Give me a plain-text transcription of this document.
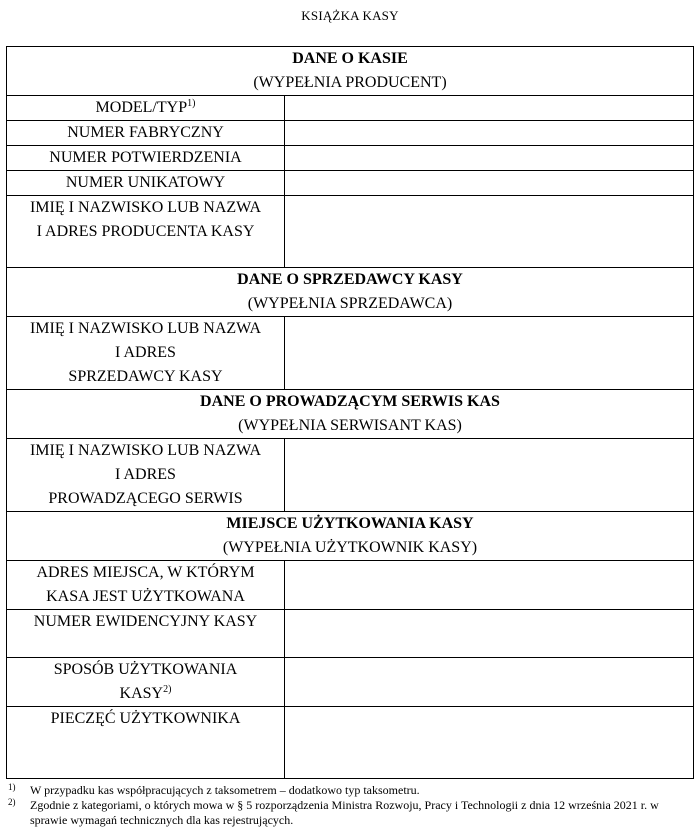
KSIĄŻKA KASY
DANE O KASIE
(WYPEŁNIA PRODUCENT)	

MODEL/TYP$^{1)}$	
NUMER FABRYCZNY	
NUMER POTWIERDZENIA	
NUMER UNIKATOWY	

IMIĘ I NAZWISKO LUB NAZWA
I ADRES PRODUCENTA KASY	

DANE O SPRZEDAWCY KASY
(WYPEŁNIA SPRZEDAWCA)	

IMIĘ I NAZWISKO LUB NAZWA
I ADRES
SPRZEDAWCY KASY	

DANE O PROWADZĄCYM SERWIS KAS
(WYPEŁNIA SERWISANT KAS)	

IMIĘ I NAZWISKO LUB NAZWA
I ADRES
PROWADZĄCEGO SERWIS	

MIEJSCE UŻYTKOWANIA KASY
(WYPEŁNIA UŻYTKOWNIK KASY)	

ADRES MIEJSCA, W KTÓRYM
KASA JEST UŻYTKOWANA	

NUMER EWIDENCYJNY KASY	

SPOSÓB UŻYTKOWANIA
KASY$^{2)}$

PIECZĘĆ UŻYTKOWNIKA	
1) W przypadku kas współpracujących z taksometrem – dodatkowo typ taksometru.
2) Zgodnie z kategoriami, o których mowa w § 5 rozporządzenia Ministra Rozwoju, Pracy i Technologii z dnia 12 września 2021 r. w sprawie wymagań technicznych dla kas rejestrujących.
